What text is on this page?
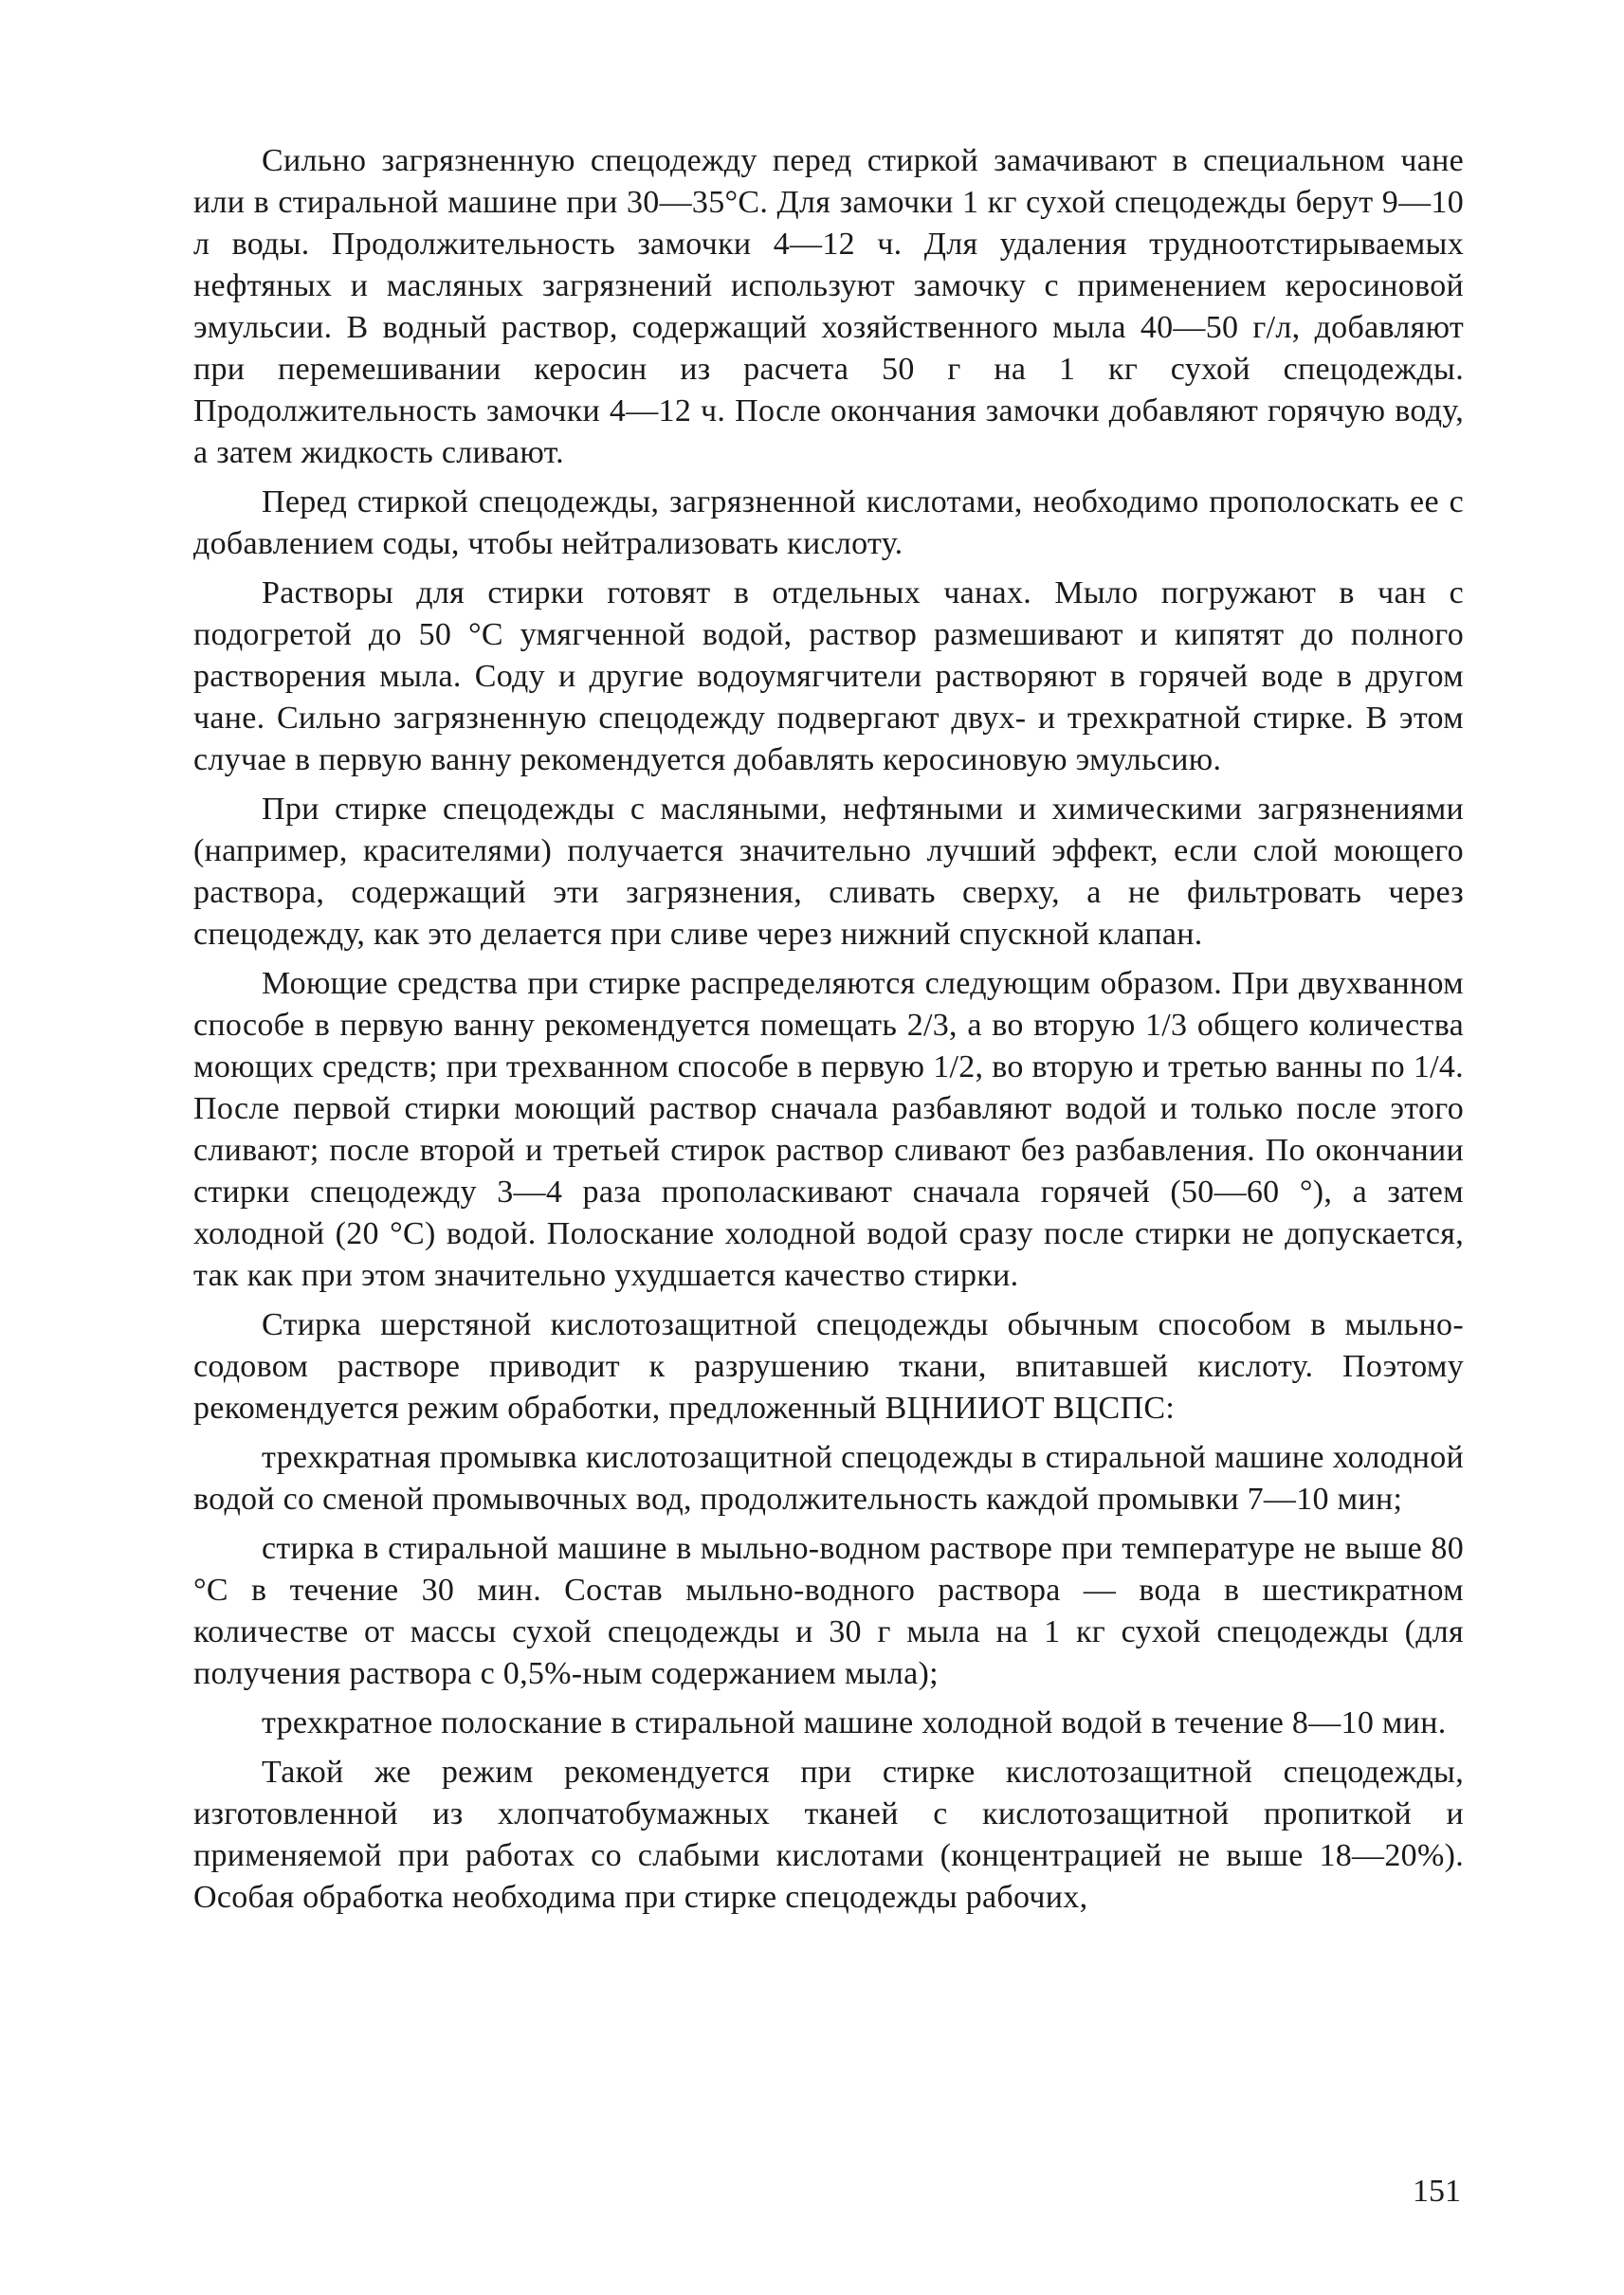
Сильно загрязненную спецодежду перед стиркой замачивают в специальном чане или в стиральной машине при 30—35°С. Для замочки 1 кг сухой спецодежды берут 9—10 л воды. Продолжительность замочки 4—12 ч. Для удаления трудноотстирываемых нефтяных и масляных загрязнений используют замочку с применением керосиновой эмульсии. В водный раствор, содержащий хозяйственного мыла 40—50 г/л, добавляют при перемешивании керосин из расчета 50 г на 1 кг сухой спецодежды. Продолжительность замочки 4—12 ч. После окончания замочки добавляют горячую воду, а затем жидкость сливают.

Перед стиркой спецодежды, загрязненной кислотами, необходимо прополоскать ее с добавлением соды, чтобы нейтрализовать кислоту.

Растворы для стирки готовят в отдельных чанах. Мыло погружают в чан с подогретой до 50 °С умягченной водой, раствор размешивают и кипятят до полного растворения мыла. Соду и другие водоумягчители растворяют в горячей воде в другом чане. Сильно загрязненную спецодежду подвергают двух- и трехкратной стирке. В этом случае в первую ванну рекомендуется добавлять керосиновую эмульсию.

При стирке спецодежды с масляными, нефтяными и химическими загрязнениями (например, красителями) получается значительно лучший эффект, если слой моющего раствора, содержащий эти загрязнения, сливать сверху, а не фильтровать через спецодежду, как это делается при сливе через нижний спускной клапан.

Моющие средства при стирке распределяются следующим образом. При двухванном способе в первую ванну рекомендуется помещать 2/3, а во вторую 1/3 общего количества моющих средств; при трехванном способе в первую 1/2, во вторую и третью ванны по 1/4. После первой стирки моющий раствор сначала разбавляют водой и только после этого сливают; после второй и третьей стирок раствор сливают без разбавления. По окончании стирки спецодежду 3—4 раза прополаскивают сначала горячей (50—60 °), а затем холодной (20 °С) водой. Полоскание холодной водой сразу после стирки не допускается, так как при этом значительно ухудшается качество стирки.

Стирка шерстяной кислотозащитной спецодежды обычным способом в мыльно-содовом растворе приводит к разрушению ткани, впитавшей кислоту. Поэтому рекомендуется режим обработки, предложенный ВЦНИИОТ ВЦСПС:

трехкратная промывка кислотозащитной спецодежды в стиральной машине холодной водой со сменой промывочных вод, продолжительность каждой промывки 7—10 мин;

стирка в стиральной машине в мыльно-водном растворе при температуре не выше 80 °С в течение 30 мин. Состав мыльно-водного раствора — вода в шестикратном количестве от массы сухой спецодежды и 30 г мыла на 1 кг сухой спецодежды (для получения раствора с 0,5%-ным содержанием мыла);

трехкратное полоскание в стиральной машине холодной водой в течение 8—10 мин.

Такой же режим рекомендуется при стирке кислотозащитной спецодежды, изготовленной из хлопчатобумажных тканей с кислотозащитной пропиткой и применяемой при работах со слабыми кислотами (концентрацией не выше 18—20%). Особая обработка необходима при стирке спецодежды рабочих,

151
